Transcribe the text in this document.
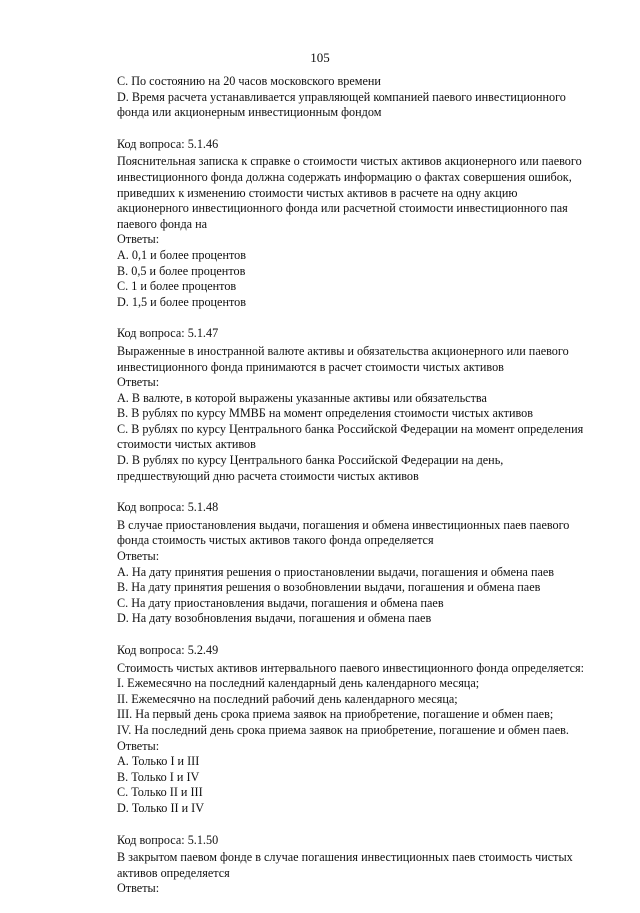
105
C. По состоянию на 20 часов московского времени
D. Время расчета устанавливается управляющей компанией паевого инвестиционного
фонда или акционерным инвестиционным фондом
Код вопроса: 5.1.46
Пояснительная записка к справке о стоимости чистых активов акционерного или паевого
инвестиционного фонда должна содержать информацию о фактах совершения ошибок,
приведших к изменению стоимости чистых активов в расчете на одну акцию
акционерного инвестиционного фонда или расчетной стоимости инвестиционного пая
паевого фонда на
Ответы:
A. 0,1 и более процентов
B. 0,5 и более процентов
C. 1 и более процентов
D. 1,5 и более процентов
Код вопроса: 5.1.47
Выраженные в иностранной валюте активы и обязательства акционерного или паевого
инвестиционного фонда принимаются в расчет стоимости чистых активов
Ответы:
A. В валюте, в которой выражены указанные активы или обязательства
B. В рублях по курсу ММВБ на момент определения стоимости чистых активов
C. В рублях по курсу Центрального банка Российской Федерации на момент определения
стоимости чистых активов
D. В рублях по курсу Центрального банка Российской Федерации на день,
предшествующий дню расчета стоимости чистых активов
Код вопроса: 5.1.48
В случае приостановления выдачи, погашения и обмена инвестиционных паев паевого
фонда стоимость чистых активов такого фонда определяется
Ответы:
A. На дату принятия решения о приостановлении выдачи, погашения и обмена паев
B. На дату принятия решения о возобновлении выдачи, погашения и обмена паев
C. На дату приостановления выдачи, погашения и обмена паев
D. На дату возобновления выдачи, погашения и обмена паев
Код вопроса: 5.2.49
Стоимость чистых активов интервального паевого инвестиционного фонда определяется:
I. Ежемесячно на последний календарный день календарного месяца;
II. Ежемесячно на последний рабочий день календарного месяца;
III. На первый день срока приема заявок на приобретение, погашение и обмен паев;
IV. На последний день срока приема заявок на приобретение, погашение и обмен паев.
Ответы:
A. Только I и III
B. Только I и IV
C. Только II и III
D. Только II и IV
Код вопроса: 5.1.50
В закрытом паевом фонде в случае погашения инвестиционных паев стоимость чистых
активов определяется
Ответы:
